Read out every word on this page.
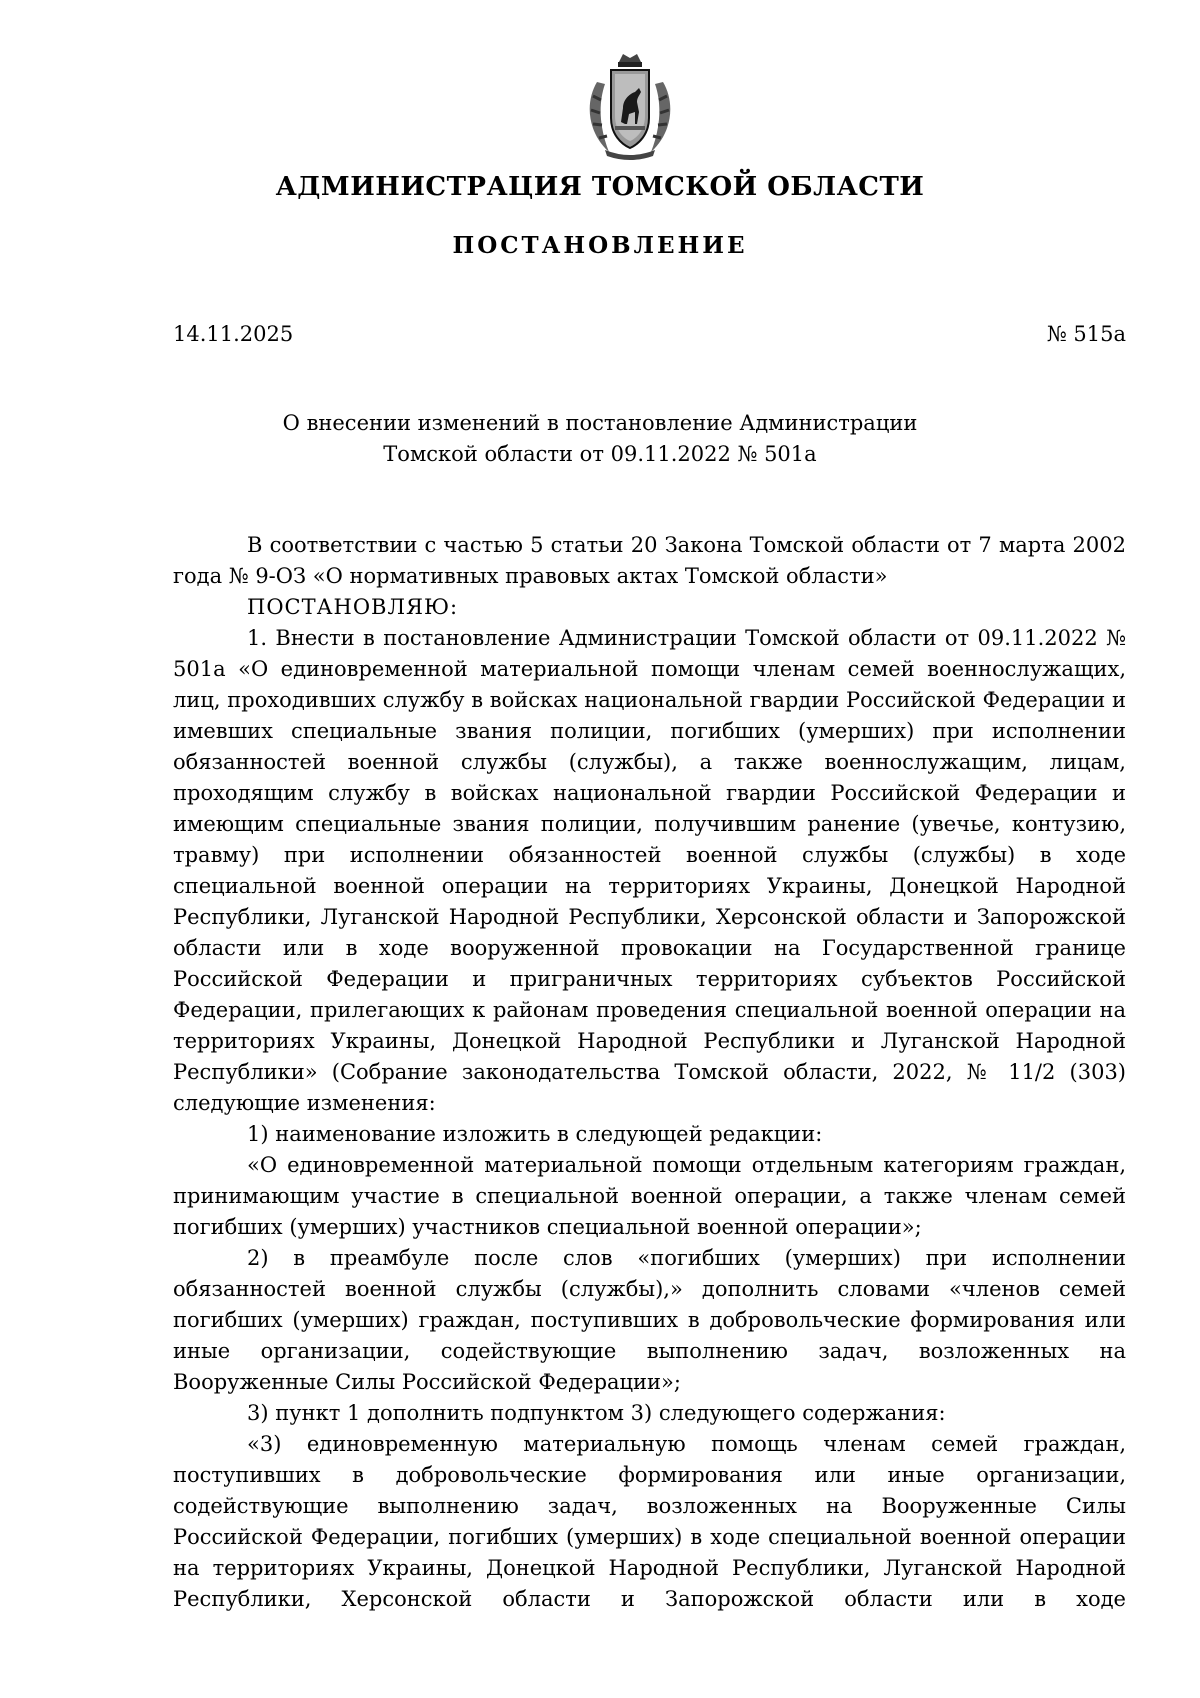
АДМИНИСТРАЦИЯ ТОМСКОЙ ОБЛАСТИ
ПОСТАНОВЛЕНИЕ
14.11.2025	№ 515а
О внесении изменений в постановление Администрации
Томской области от 09.11.2022 № 501а

В соответствии с частью 5 статьи 20 Закона Томской области от 7 марта 2002 года № 9-ОЗ «О нормативных правовых актах Томской области»

ПОСТАНОВЛЯЮ:

1. Внести в постановление Администрации Томской области от 09.11.2022 № 501а «О единовременной материальной помощи членам семей военнослужащих, лиц, проходивших службу в войсках национальной гвардии Российской Федерации и имевших специальные звания полиции, погибших (умерших) при исполнении обязанностей военной службы (службы), а также военнослужащим, лицам, проходящим службу в войсках национальной гвардии Российской Федерации и имеющим специальные звания полиции, получившим ранение (увечье, контузию, травму) при исполнении обязанностей военной службы (службы) в ходе специальной военной операции на территориях Украины, Донецкой Народной Республики, Луганской Народной Республики, Херсонской области и Запорожской области или в ходе вооруженной провокации на Государственной границе Российской Федерации и приграничных территориях субъектов Российской Федерации, прилегающих к районам проведения специальной военной операции на территориях Украины, Донецкой Народной Республики и Луганской Народной Республики» (Собрание законодательства Томской области, 2022, № 11/2 (303) следующие изменения:

1) наименование изложить в следующей редакции:

«О единовременной материальной помощи отдельным категориям граждан, принимающим участие в специальной военной операции, а также членам семей погибших (умерших) участников специальной военной операции»;

2) в преамбуле после слов «погибших (умерших) при исполнении обязанностей военной службы (службы),» дополнить словами «членов семей погибших (умерших) граждан, поступивших в добровольческие формирования или иные организации, содействующие выполнению задач, возложенных на Вооруженные Силы Российской Федерации»;

3) пункт 1 дополнить подпунктом 3) следующего содержания:

«3) единовременную материальную помощь членам семей граждан, поступивших в добровольческие формирования или иные организации, содействующие выполнению задач, возложенных на Вооруженные Силы Российской Федерации, погибших (умерших) в ходе специальной военной операции на территориях Украины, Донецкой Народной Республики, Луганской Народной Республики, Херсонской области и Запорожской области или в ходе
